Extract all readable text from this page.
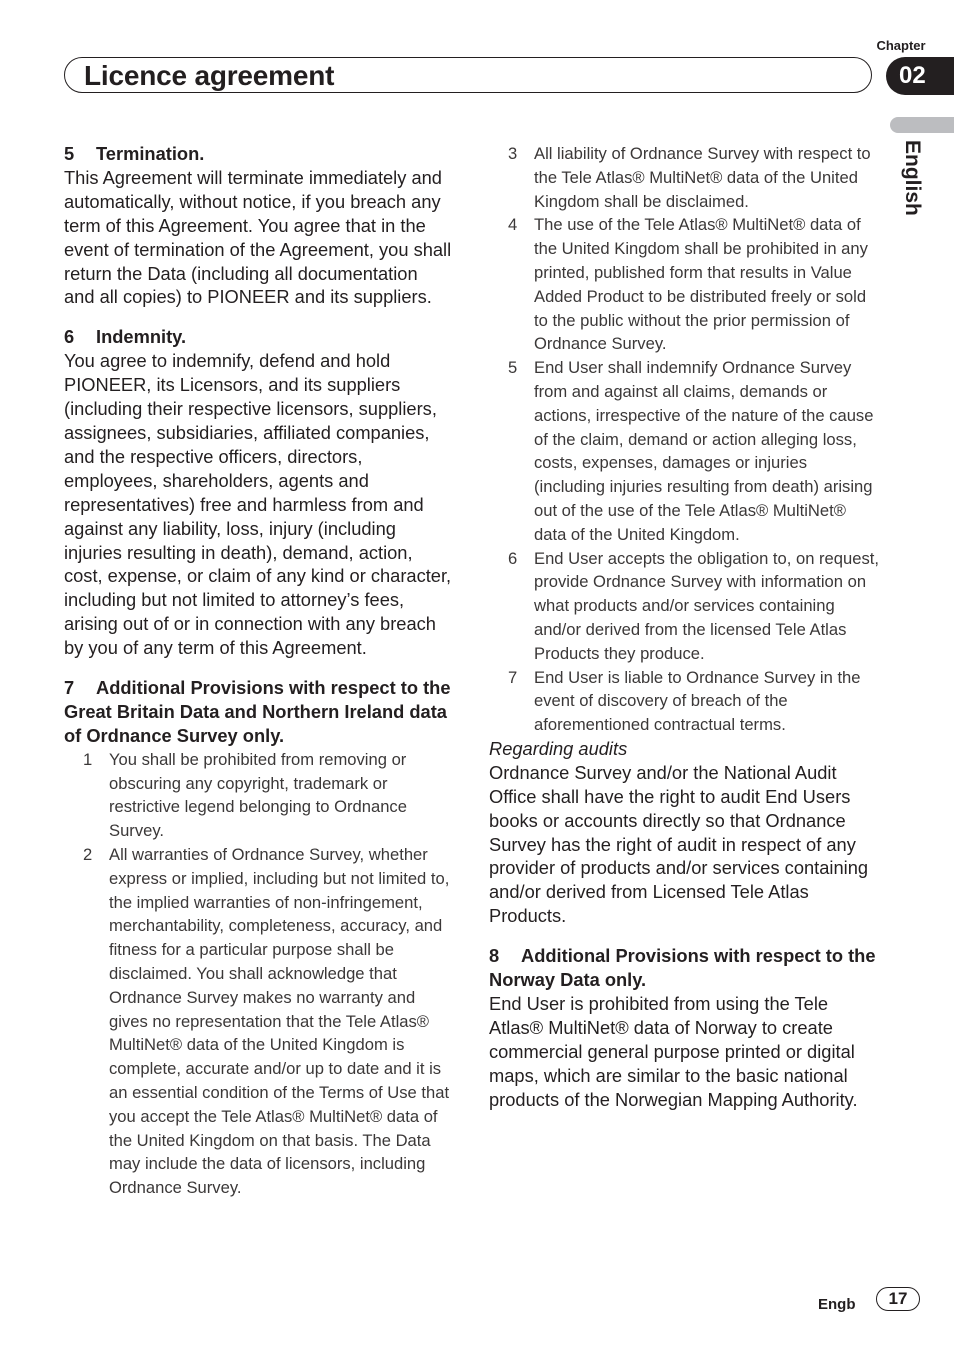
Chapter
Licence agreement	02
English

5 Termination.

This Agreement will terminate immediately and automatically, without notice, if you breach any term of this Agreement. You agree that in the event of termination of the Agreement, you shall return the Data (including all documentation and all copies) to PIONEER and its suppliers.

6 Indemnity.

You agree to indemnify, defend and hold PIONEER, its Licensors, and its suppliers (including their respective licensors, suppliers, assignees, subsidiaries, affiliated companies, and the respective officers, directors, employees, shareholders, agents and representatives) free and harmless from and against any liability, loss, injury (including injuries resulting in death), demand, action, cost, expense, or claim of any kind or character, including but not limited to attorney’s fees, arising out of or in connection with any breach by you of any term of this Agreement.

7 Additional Provisions with respect to the Great Britain Data and Northern Ireland data of Ordnance Survey only.

1 You shall be prohibited from removing or obscuring any copyright, trademark or restrictive legend belonging to Ordnance Survey.
2 All warranties of Ordnance Survey, whether express or implied, including but not limited to, the implied warranties of non-infringement, merchantability, completeness, accuracy, and fitness for a particular purpose shall be disclaimed. You shall acknowledge that Ordnance Survey makes no warranty and gives no representation that the Tele Atlas® MultiNet® data of the United Kingdom is complete, accurate and/or up to date and it is an essential condition of the Terms of Use that you accept the Tele Atlas® MultiNet® data of the United Kingdom on that basis. The Data may include the data of licensors, including Ordnance Survey.
3 All liability of Ordnance Survey with respect to the Tele Atlas® MultiNet® data of the United Kingdom shall be disclaimed.
4 The use of the Tele Atlas® MultiNet® data of the United Kingdom shall be prohibited in any printed, published form that results in Value Added Product to be distributed freely or sold to the public without the prior permission of Ordnance Survey.
5 End User shall indemnify Ordnance Survey from and against all claims, demands or actions, irrespective of the nature of the cause of the claim, demand or action alleging loss, costs, expenses, damages or injuries (including injuries resulting from death) arising out of the use of the Tele Atlas® MultiNet® data of the United Kingdom.
6 End User accepts the obligation to, on request, provide Ordnance Survey with information on what products and/or services containing and/or derived from the licensed Tele Atlas Products they produce.
7 End User is liable to Ordnance Survey in the event of discovery of breach of the aforementioned contractual terms.

Regarding audits

Ordnance Survey and/or the National Audit Office shall have the right to audit End Users books or accounts directly so that Ordnance Survey has the right of audit in respect of any provider of products and/or services containing and/or derived from Licensed Tele Atlas Products.

8 Additional Provisions with respect to the Norway Data only.

End User is prohibited from using the Tele Atlas® MultiNet® data of Norway to create commercial general purpose printed or digital maps, which are similar to the basic national products of the Norwegian Mapping Authority.

Engb	17
